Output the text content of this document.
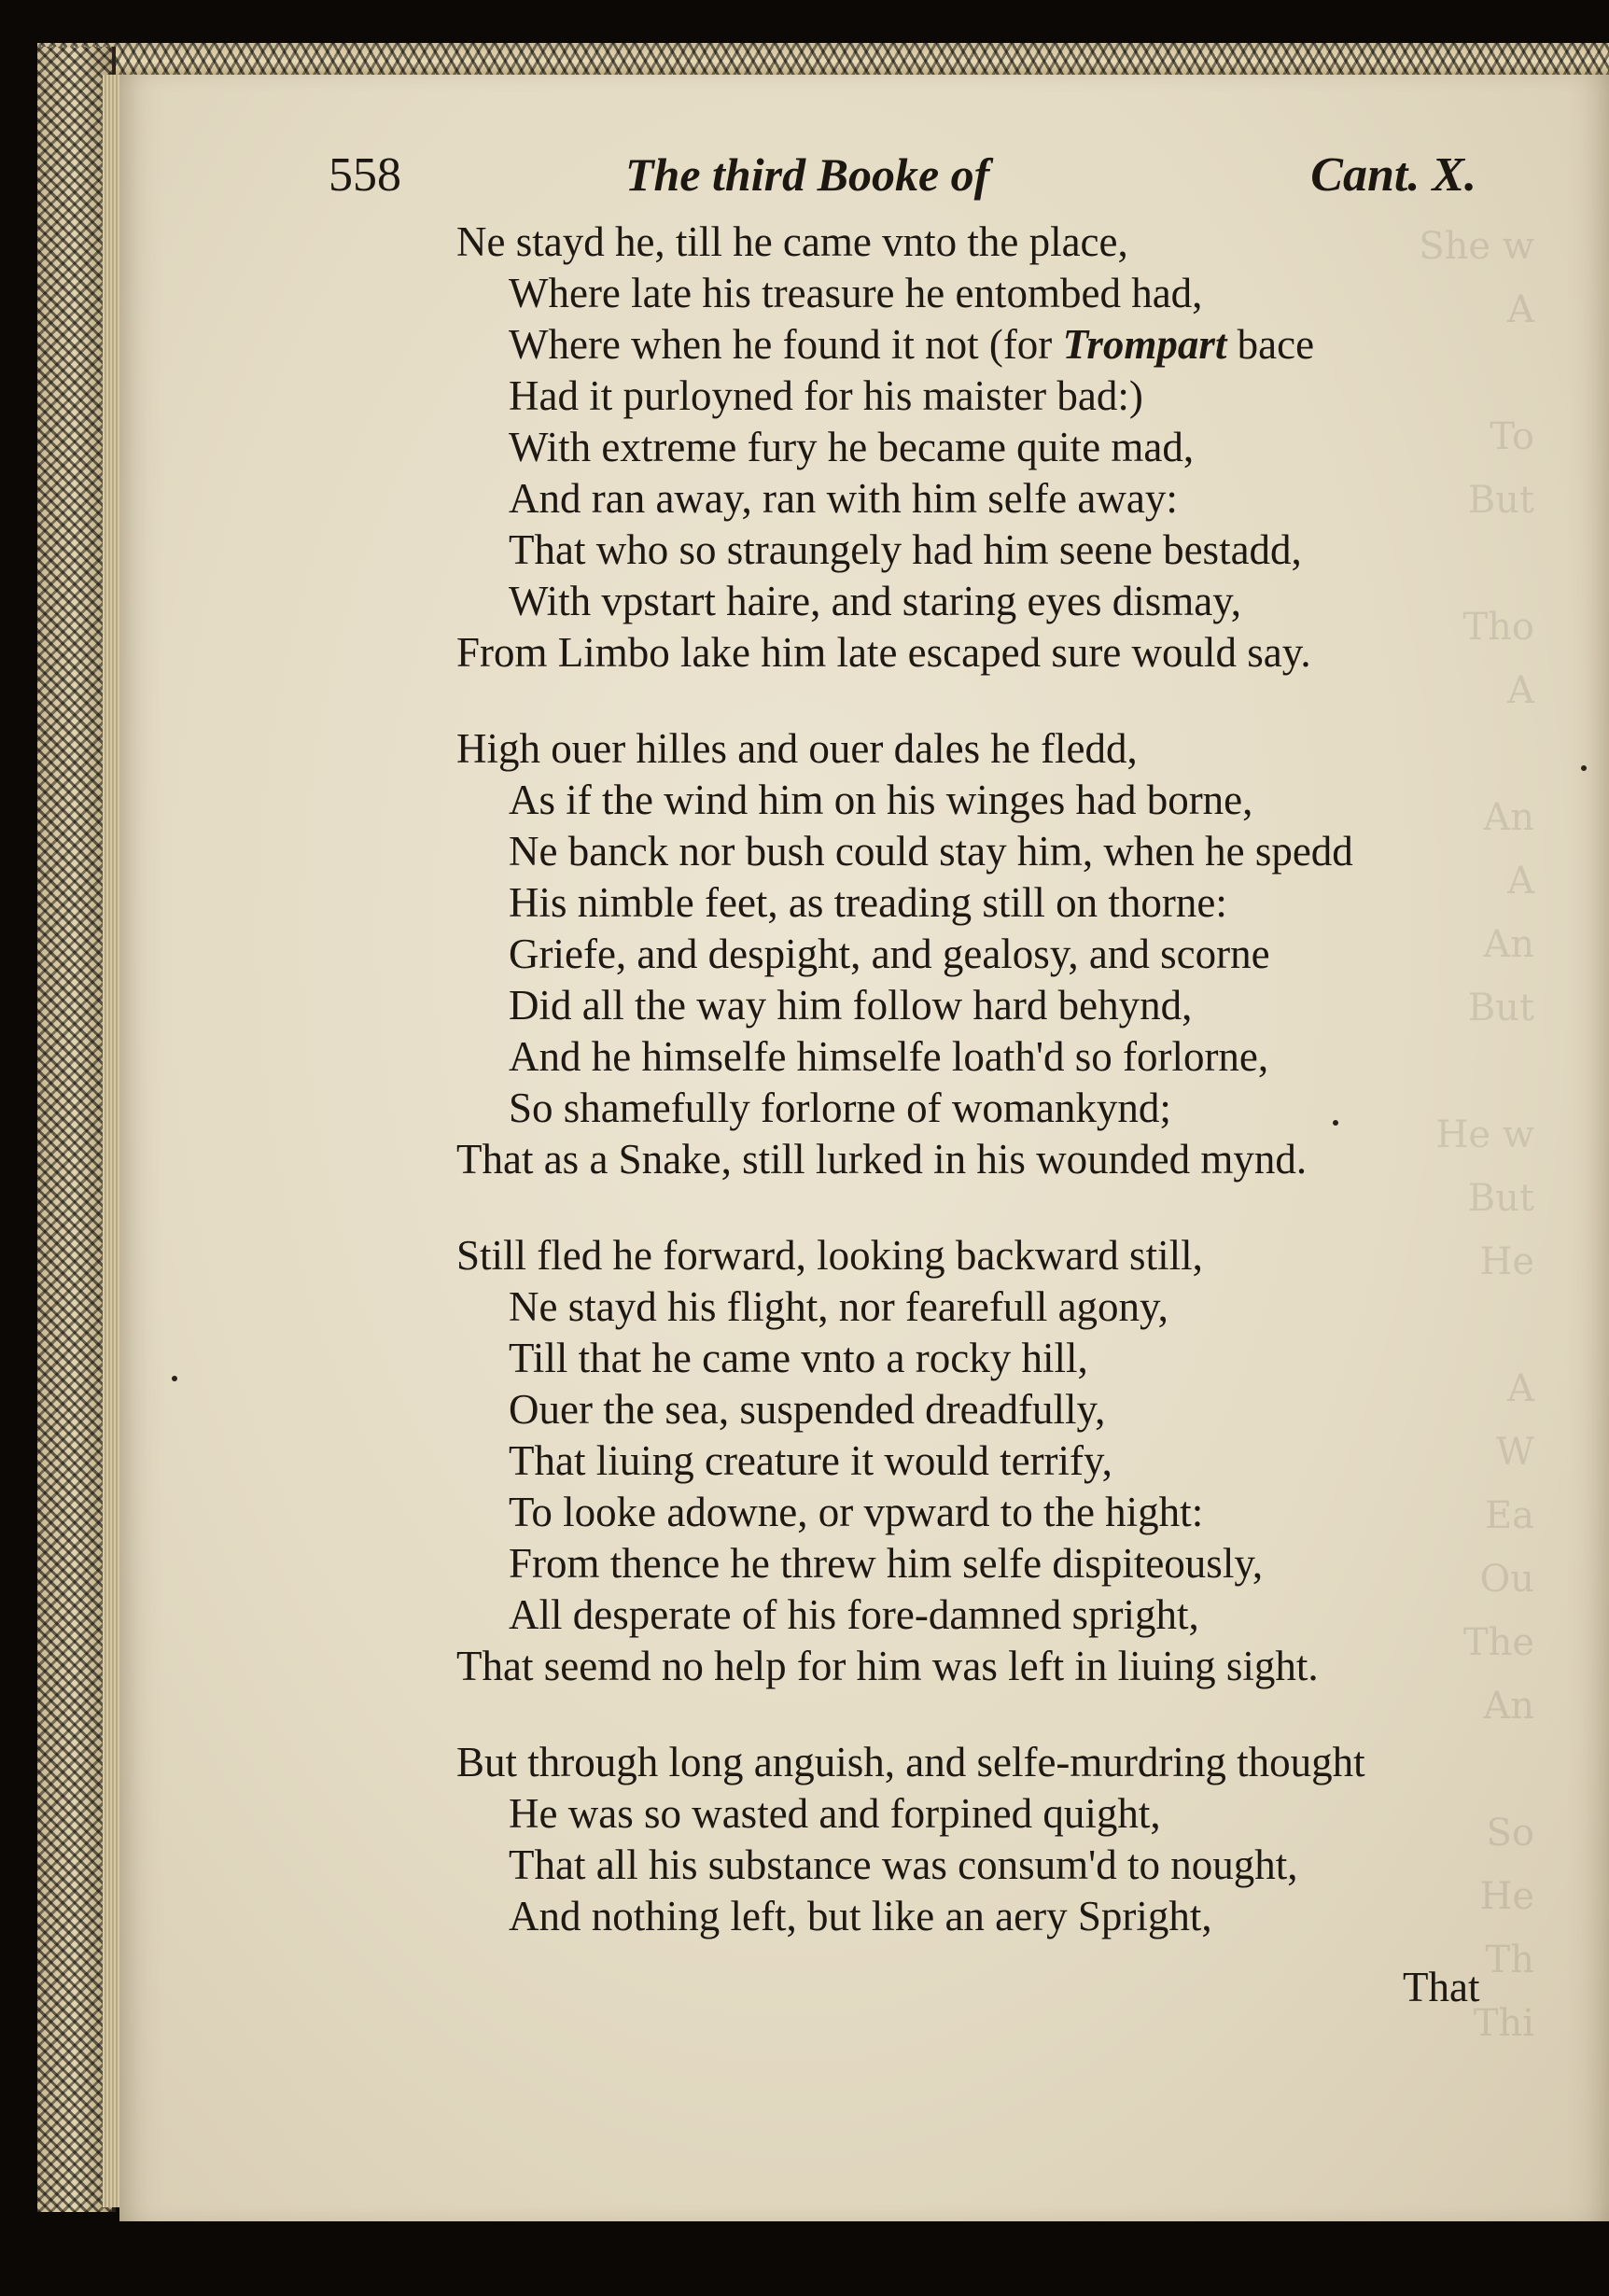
She w
A

To
But

Tho
A

An
A
An
But

He w
But
He

A
W
Ea
Ou
The
An

So
He
Th
Thi
558	The third Booke of	Cant. X.
Ne stayd he, till he came vnto the place,
Where late his treasure he entombed had,
Where when he found it not (for Trompart bace
Had it purloyned for his maister bad:)
With extreme fury he became quite mad,
And ran away, ran with him selfe away:
That who so straungely had him seene bestadd,
With vpstart haire, and staring eyes dismay,
From Limbo lake him late escaped sure would say.
High ouer hilles and ouer dales he fledd,
As if the wind him on his winges had borne,
Ne banck nor bush could stay him, when he spedd
His nimble feet, as treading still on thorne:
Griefe, and despight, and gealosy, and scorne
Did all the way him follow hard behynd,
And he himselfe himselfe loath'd so forlorne,
So shamefully forlorne of womankynd;
That as a Snake, still lurked in his wounded mynd.
Still fled he forward, looking backward still,
Ne stayd his flight, nor fearefull agony,
Till that he came vnto a rocky hill,
Ouer the sea, suspended dreadfully,
That liuing creature it would terrify,
To looke adowne, or vpward to the hight:
From thence he threw him selfe dispiteously,
All desperate of his fore-damned spright,
That seemd no help for him was left in liuing sight.
But through long anguish, and selfe-murdring thought
He was so wasted and forpined quight,
That all his substance was consum'd to nought,
And nothing left, but like an aery Spright,
That
